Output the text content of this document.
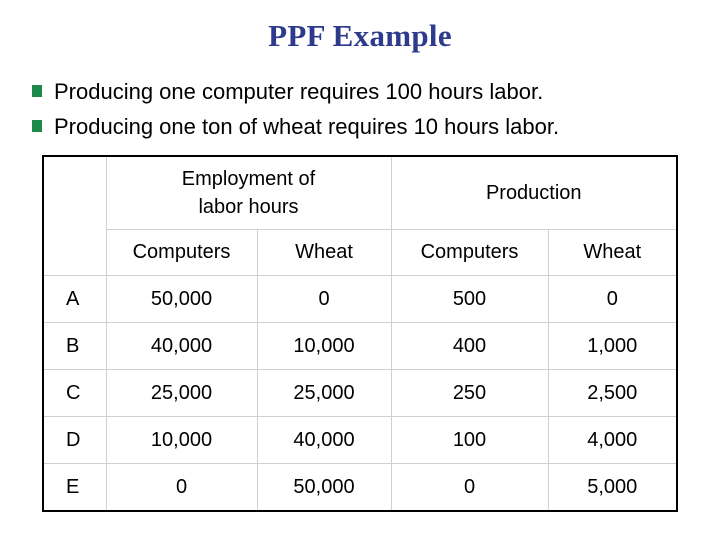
PPF Example
Producing one computer requires 100 hours labor.
Producing one ton of wheat requires 10 hours labor.
	Employment of labor hours		Production	
	Computers	Wheat	Computers	Wheat
A	50,000	0	500	0
B	40,000	10,000	400	1,000
C	25,000	25,000	250	2,500
D	10,000	40,000	100	4,000
E	0	50,000	0	5,000
